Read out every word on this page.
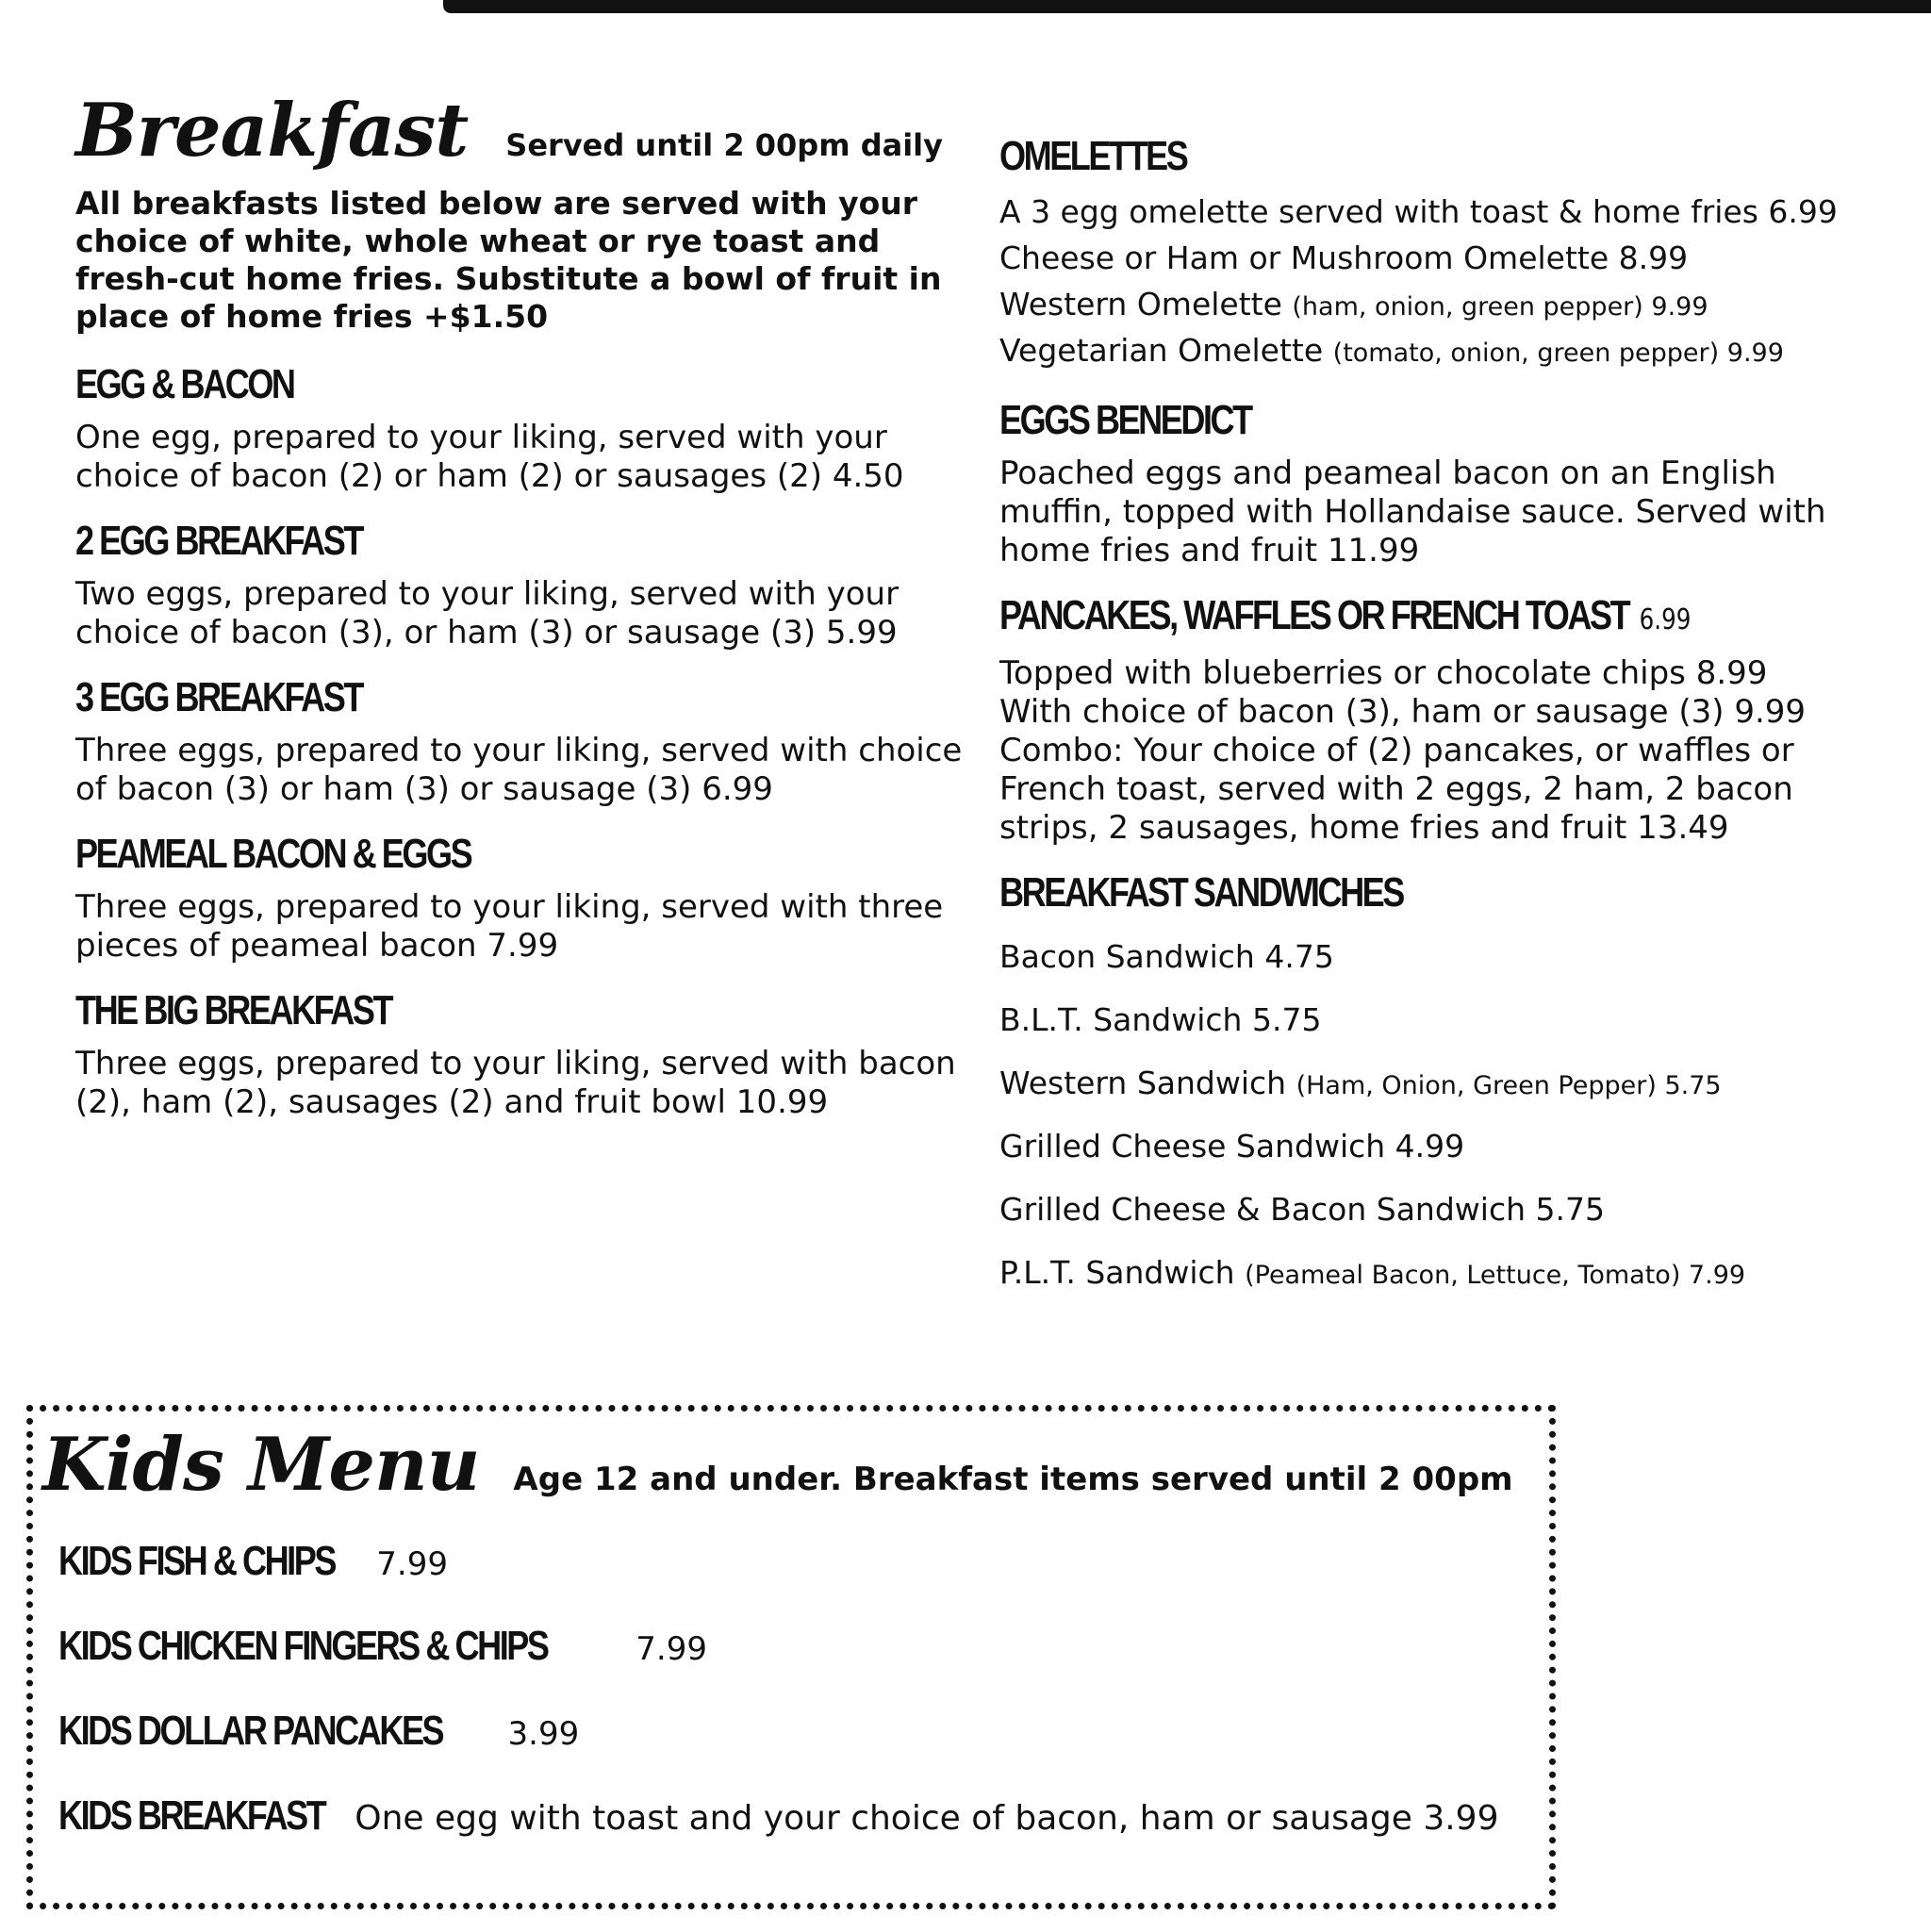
Breakfast Served until 2 00pm daily

All breakfasts listed below are served with your choice of white, whole wheat or rye toast and fresh-cut home fries. Substitute a bowl of fruit in place of home fries +$1.50

EGG & BACON

One egg, prepared to your liking, served with your choice of bacon (2) or ham (2) or sausages (2) 4.50

2 EGG BREAKFAST

Two eggs, prepared to your liking, served with your choice of bacon (3), or ham (3) or sausage (3) 5.99

3 EGG BREAKFAST

Three eggs, prepared to your liking, served with choice of bacon (3) or ham (3) or sausage (3) 6.99

PEAMEAL BACON & EGGS

Three eggs, prepared to your liking, served with three pieces of peameal bacon 7.99

THE BIG BREAKFAST

Three eggs, prepared to your liking, served with bacon (2), ham (2), sausages (2) and fruit bowl 10.99

OMELETTES

A 3 egg omelette served with toast & home fries 6.99

Cheese or Ham or Mushroom Omelette 8.99

Western Omelette (ham, onion, green pepper) 9.99

Vegetarian Omelette (tomato, onion, green pepper) 9.99

EGGS BENEDICT

Poached eggs and peameal bacon on an English muffin, topped with Hollandaise sauce. Served with home fries and fruit 11.99

PANCAKES, WAFFLES OR FRENCH TOAST 6.99

Topped with blueberries or chocolate chips 8.99

With choice of bacon (3), ham or sausage (3) 9.99

Combo: Your choice of (2) pancakes, or waffles or French toast, served with 2 eggs, 2 ham, 2 bacon strips, 2 sausages, home fries and fruit 13.49

BREAKFAST SANDWICHES

Bacon Sandwich 4.75

B.L.T. Sandwich 5.75

Western Sandwich (Ham, Onion, Green Pepper) 5.75

Grilled Cheese Sandwich 4.99

Grilled Cheese & Bacon Sandwich 5.75

P.L.T. Sandwich (Peameal Bacon, Lettuce, Tomato) 7.99

Kids Menu Age 12 and under. Breakfast items served until 2 00pm
KIDS FISH & CHIPS 7.99
KIDS CHICKEN FINGERS & CHIPS	7.99
KIDS DOLLAR PANCAKES 3.99
KIDS BREAKFAST One egg with toast and your choice of bacon, ham or sausage 3.99
